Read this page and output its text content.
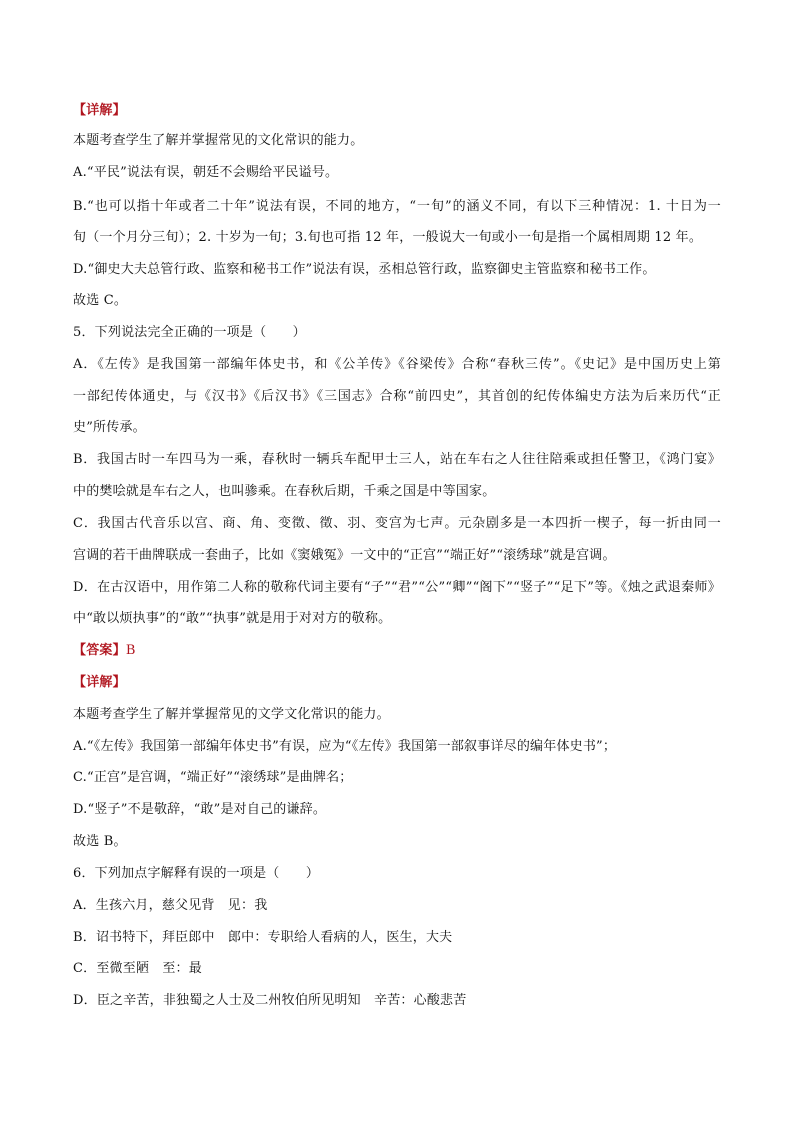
【详解】
本题考查学生了解并掌握常见的文化常识的能力。
A.“平民”说法有误，朝廷不会赐给平民谥号。
B.“也可以指十年或者二十年”说法有误，不同的地方，“一旬”的涵义不同，有以下三种情况：1. 十日为一
旬（一个月分三旬）；2. 十岁为一旬；3.旬也可指 12 年，一般说大一旬或小一旬是指一个属相周期 12 年。
D.“御史大夫总管行政、监察和秘书工作”说法有误，丞相总管行政，监察御史主管监察和秘书工作。
故选 C。
5．下列说法完全正确的一项是（　　）
A．《左传》是我国第一部编年体史书，和《公羊传》《谷梁传》合称“春秋三传”。《史记》是中国历史上第
一部纪传体通史，与《汉书》《后汉书》《三国志》合称“前四史”，其首创的纪传体编史方法为后来历代“正
史”所传承。
B．我国古时一车四马为一乘，春秋时一辆兵车配甲士三人，站在车右之人往往陪乘或担任警卫，《鸿门宴》
中的樊哙就是车右之人，也叫骖乘。在春秋后期，千乘之国是中等国家。
C．我国古代音乐以宫、商、角、变徵、徵、羽、变宫为七声。元杂剧多是一本四折一楔子，每一折由同一
宫调的若干曲牌联成一套曲子，比如《窦娥冤》一文中的“正宫”“端正好”“滚绣球”就是宫调。
D．在古汉语中，用作第二人称的敬称代词主要有“子”“君”“公”“卿”“阁下”“竖子”“足下”等。《烛之武退秦师》
中“敢以烦执事”的“敢”“执事”就是用于对对方的敬称。
【答案】B
【详解】
本题考查学生了解并掌握常见的文学文化常识的能力。
A.“《左传》我国第一部编年体史书”有误，应为“《左传》我国第一部叙事详尽的编年体史书”；
C.“正宫”是宫调，“端正好”“滚绣球”是曲牌名；
D.“竖子”不是敬辞，“敢”是对自己的谦辞。
故选 B。
6．下列加点字解释有误的一项是（　　）
A．生孩六月，慈父见背　见：我
B．诏书特下，拜臣郎中　郎中：专职给人看病的人，医生，大夫
C．至微至陋　至：最
D．臣之辛苦，非独蜀之人士及二州牧伯所见明知　辛苦：心酸悲苦
